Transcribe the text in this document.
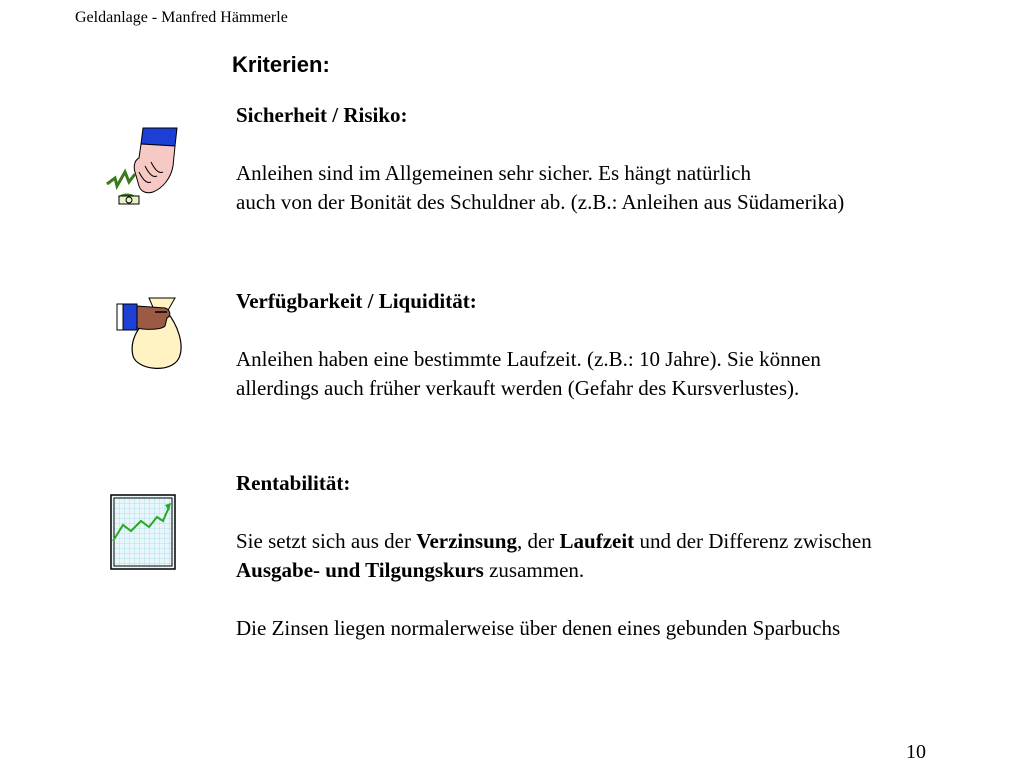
Geldanlage - Manfred Hämmerle
Kriterien:

Sicherheit / Risiko:

Anleihen sind im Allgemeinen sehr sicher. Es hängt natürlich

auch von der Bonität des Schuldner ab. (z.B.: Anleihen aus Südamerika)

Verfügbarkeit / Liquidität:

Anleihen haben eine bestimmte Laufzeit. (z.B.: 10 Jahre). Sie können

allerdings auch früher verkauft werden (Gefahr des Kursverlustes).

Rentabilität:

Sie setzt sich aus der Verzinsung, der Laufzeit und der Differenz zwischen

Ausgabe- und Tilgungskurs zusammen.

Die Zinsen liegen normalerweise über denen eines gebunden Sparbuchs

10
